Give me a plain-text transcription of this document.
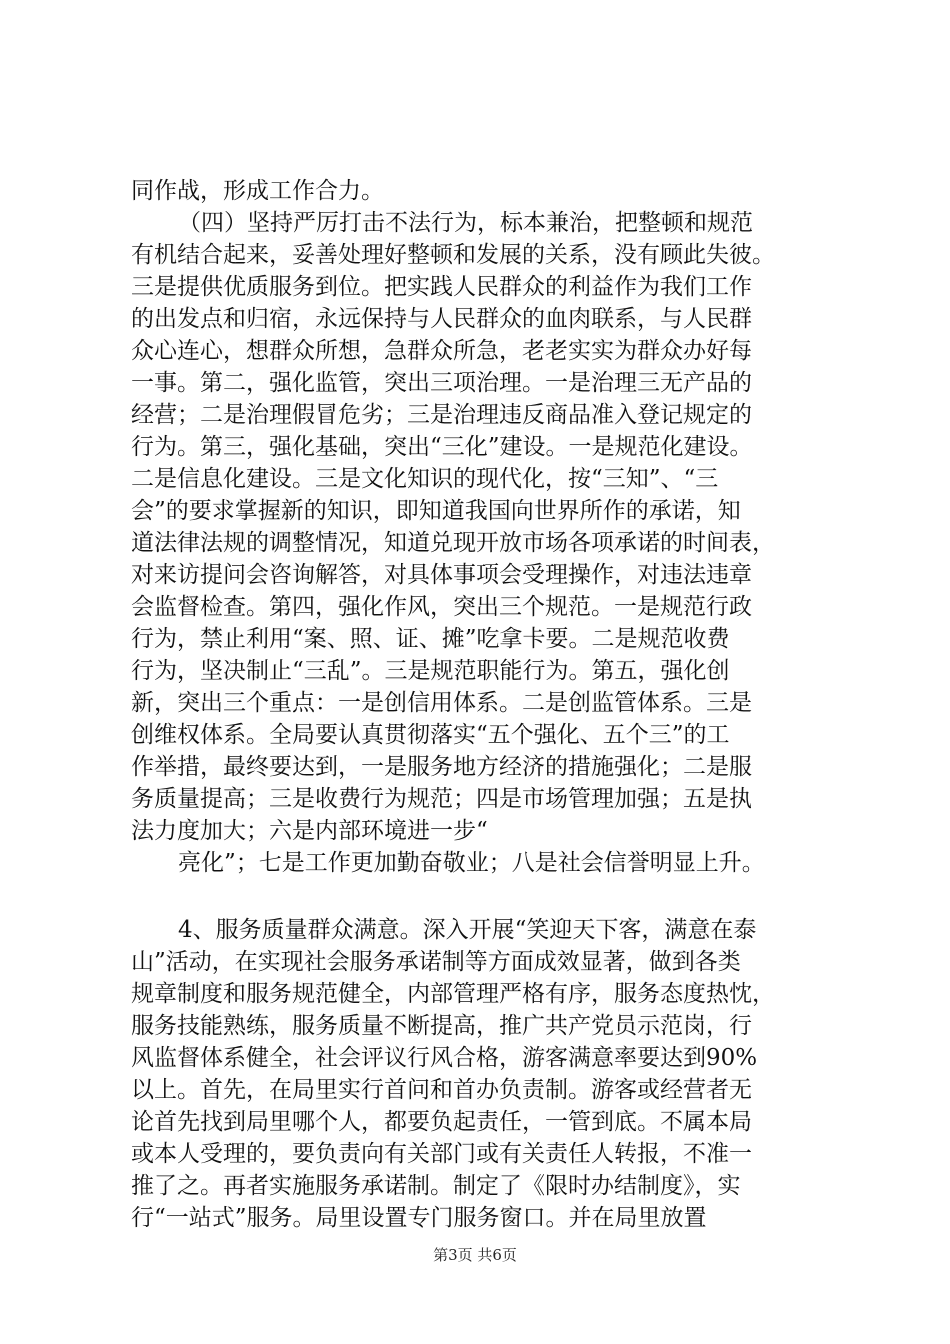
同作战，形成工作合力。
（四）坚持严厉打击不法行为，标本兼治，把整顿和规范
有机结合起来，妥善处理好整顿和发展的关系，没有顾此失彼。
三是提供优质服务到位。把实践人民群众的利益作为我们工作
的出发点和归宿，永远保持与人民群众的血肉联系，与人民群
众心连心，想群众所想，急群众所急，老老实实为群众办好每
一事。第二，强化监管，突出三项治理。一是治理三无产品的
经营；二是治理假冒危劣；三是治理违反商品准入登记规定的
行为。第三，强化基础，突出“三化”建设。一是规范化建设。
二是信息化建设。三是文化知识的现代化，按“三知”、“三
会”的要求掌握新的知识，即知道我国向世界所作的承诺，知
道法律法规的调整情况，知道兑现开放市场各项承诺的时间表，
对来访提问会咨询解答，对具体事项会受理操作，对违法违章
会监督检查。第四，强化作风，突出三个规范。一是规范行政
行为，禁止利用“案、照、证、摊”吃拿卡要。二是规范收费
行为，坚决制止“三乱”。三是规范职能行为。第五，强化创
新，突出三个重点：一是创信用体系。二是创监管体系。三是
创维权体系。全局要认真贯彻落实“五个强化、五个三”的工
作举措，最终要达到，一是服务地方经济的措施强化；二是服
务质量提高；三是收费行为规范；四是市场管理加强；五是执
法力度加大；六是内部环境进一步“
亮化”；七是工作更加勤奋敬业；八是社会信誉明显上升。
4、服务质量群众满意。深入开展“笑迎天下客，满意在泰
山”活动，在实现社会服务承诺制等方面成效显著，做到各类
规章制度和服务规范健全，内部管理严格有序，服务态度热忱，
服务技能熟练，服务质量不断提高，推广共产党员示范岗，行
风监督体系健全，社会评议行风合格，游客满意率要达到90%
以上。首先，在局里实行首问和首办负责制。游客或经营者无
论首先找到局里哪个人，都要负起责任，一管到底。不属本局
或本人受理的，要负责向有关部门或有关责任人转报，不准一
推了之。再者实施服务承诺制。制定了《限时办结制度》，实
行“一站式”服务。局里设置专门服务窗口。并在局里放置
第3页 共6页
